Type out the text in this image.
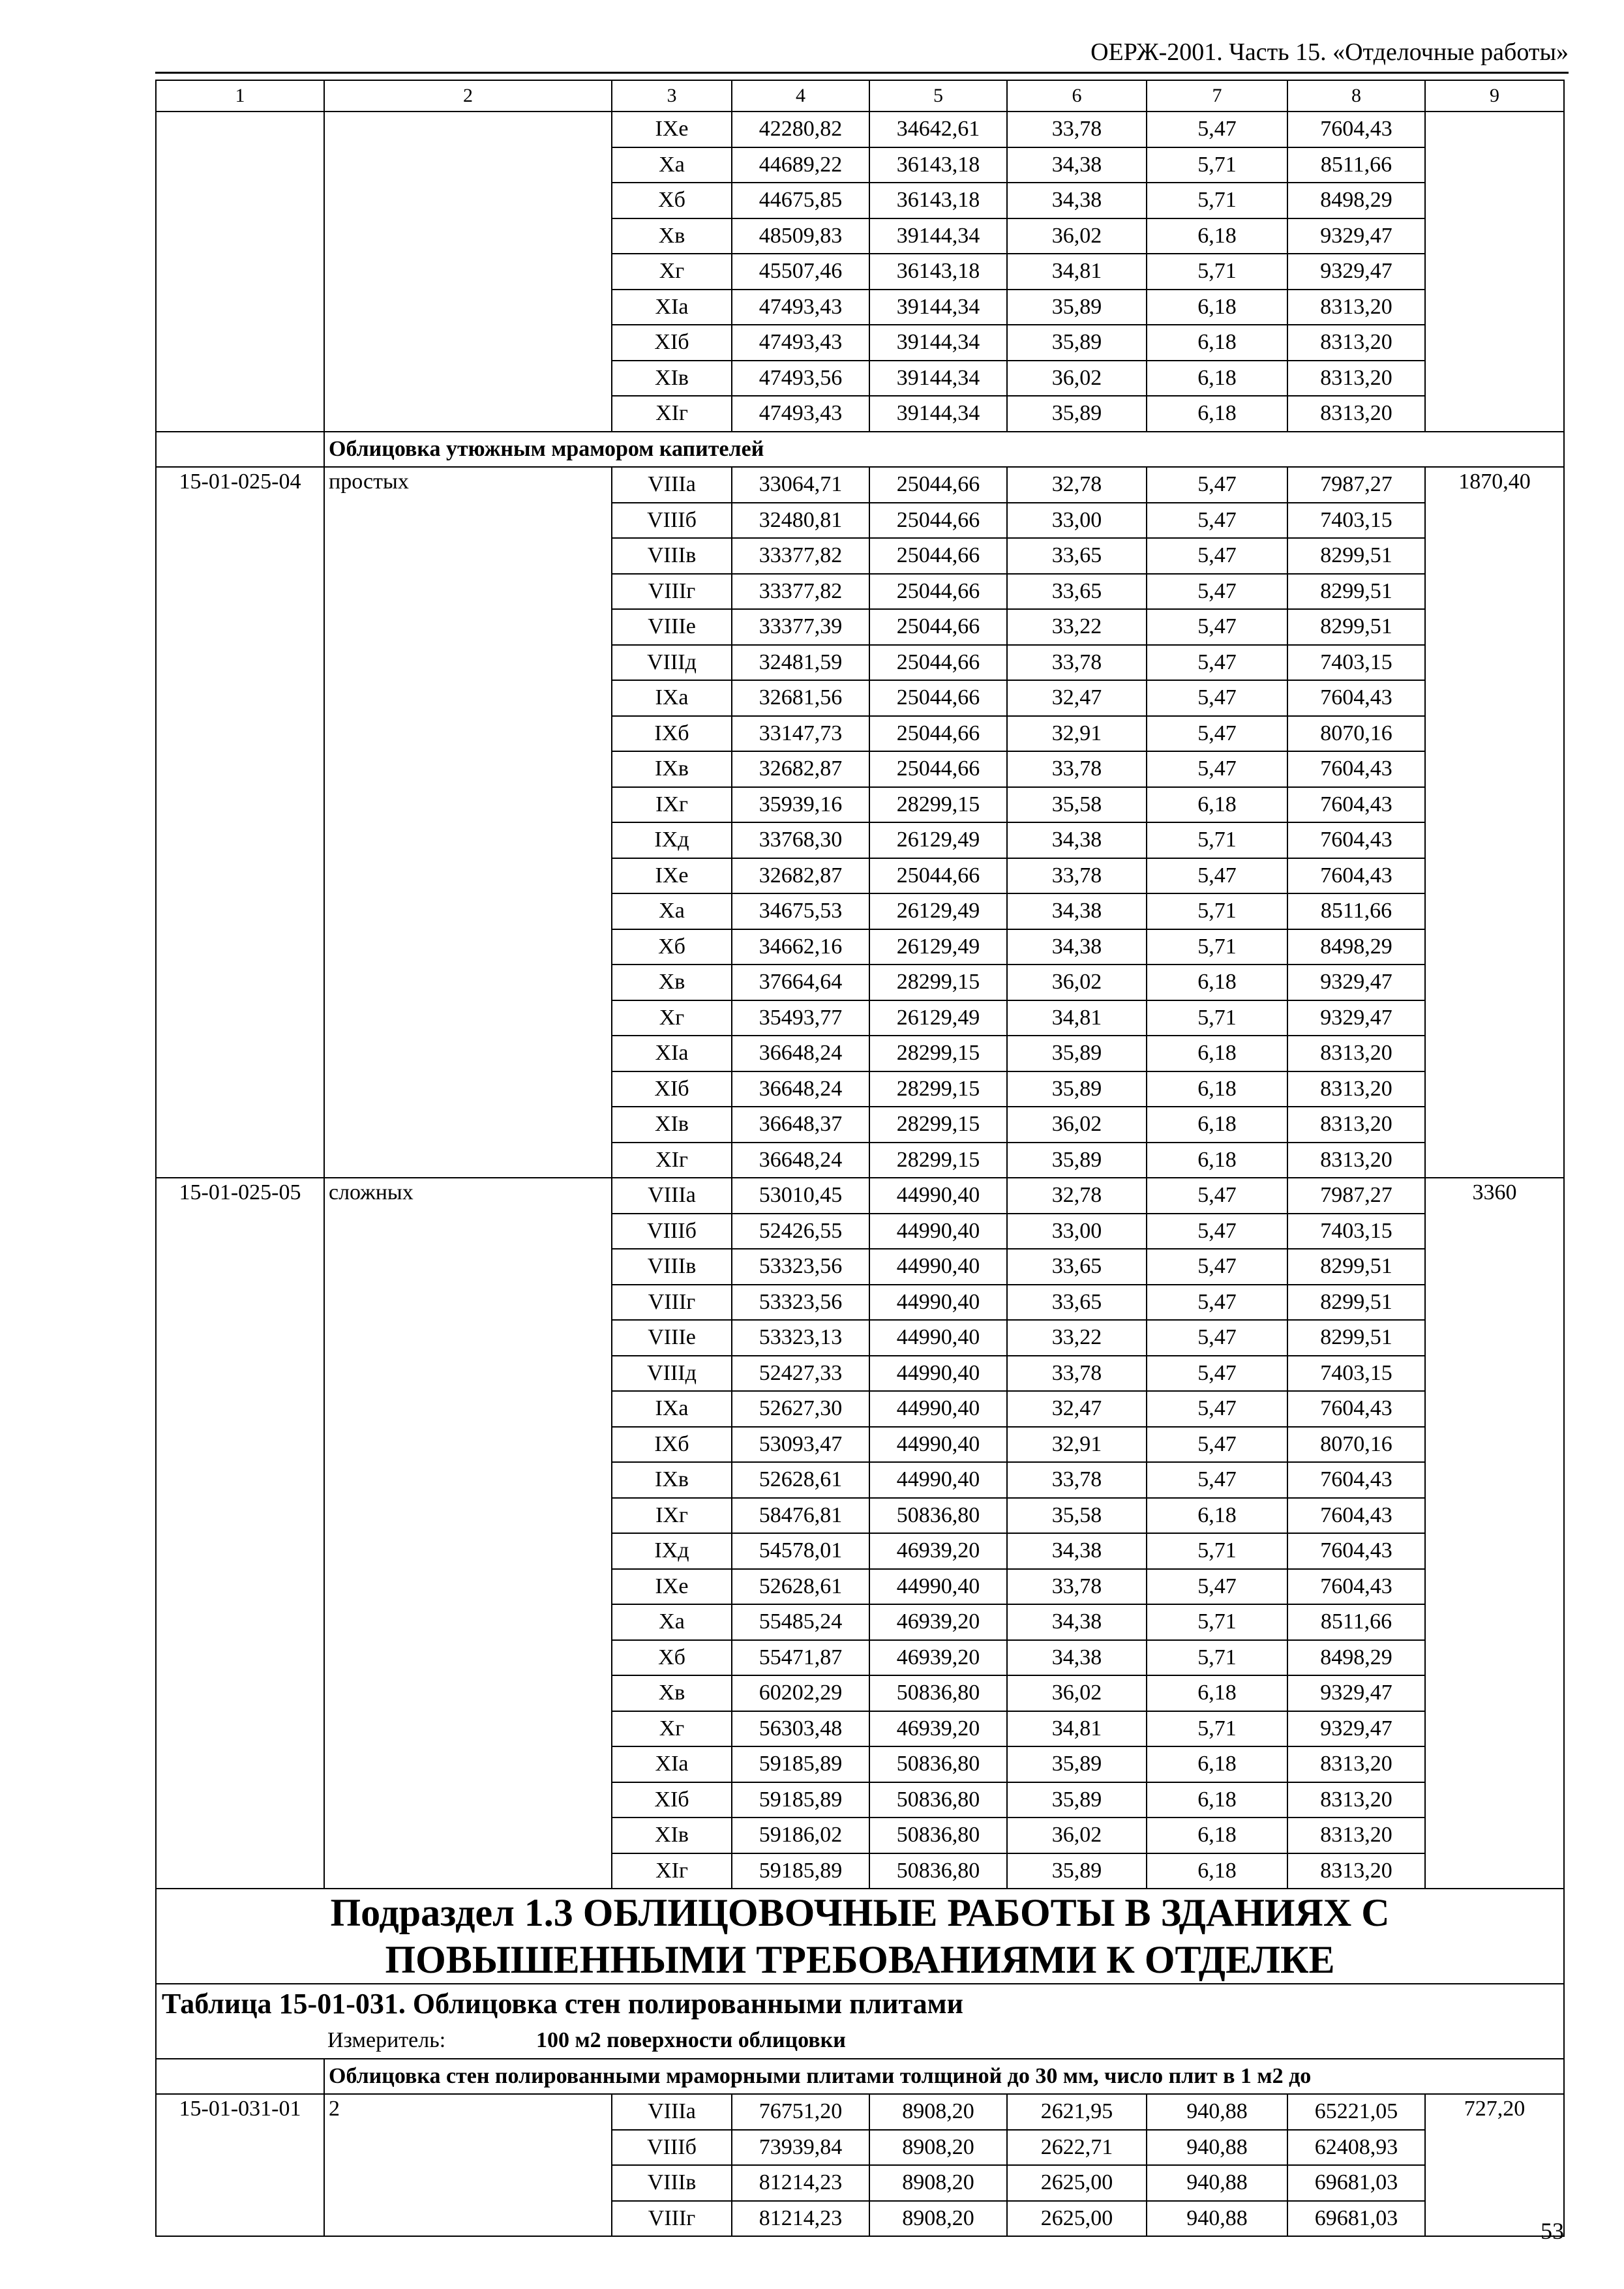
ОЕРЖ-2001. Часть 15. «Отделочные работы»
1	2	3	4	5	6	7	8	9
		IXe	42280,82	34642,61	33,78	5,47	7604,43	
		Xa	44689,22	36143,18	34,38	5,71	8511,66	
		Xб	44675,85	36143,18	34,38	5,71	8498,29	
		Xв	48509,83	39144,34	36,02	6,18	9329,47	
		Xг	45507,46	36143,18	34,81	5,71	9329,47	
		XIa	47493,43	39144,34	35,89	6,18	8313,20	
		XIб	47493,43	39144,34	35,89	6,18	8313,20	
		XIв	47493,56	39144,34	36,02	6,18	8313,20	
		XIг	47493,43	39144,34	35,89	6,18	8313,20	
	Облицовка утюжным мрамором капителей							
15-01-025-04	простых	VIIIa	33064,71	25044,66	32,78	5,47	7987,27	1870,40
		VIIIб	32480,81	25044,66	33,00	5,47	7403,15	
		VIIIв	33377,82	25044,66	33,65	5,47	8299,51	
		VIIIг	33377,82	25044,66	33,65	5,47	8299,51	
		VIIIe	33377,39	25044,66	33,22	5,47	8299,51	
		VIIIд	32481,59	25044,66	33,78	5,47	7403,15	
		IXa	32681,56	25044,66	32,47	5,47	7604,43	
		IXб	33147,73	25044,66	32,91	5,47	8070,16	
		IXв	32682,87	25044,66	33,78	5,47	7604,43	
		IXг	35939,16	28299,15	35,58	6,18	7604,43	
		IXд	33768,30	26129,49	34,38	5,71	7604,43	
		IXe	32682,87	25044,66	33,78	5,47	7604,43	
		Xa	34675,53	26129,49	34,38	5,71	8511,66	
		Xб	34662,16	26129,49	34,38	5,71	8498,29	
		Xв	37664,64	28299,15	36,02	6,18	9329,47	
		Xг	35493,77	26129,49	34,81	5,71	9329,47	
		XIa	36648,24	28299,15	35,89	6,18	8313,20	
		XIб	36648,24	28299,15	35,89	6,18	8313,20	
		XIв	36648,37	28299,15	36,02	6,18	8313,20	
		XIг	36648,24	28299,15	35,89	6,18	8313,20	
15-01-025-05	сложных	VIIIa	53010,45	44990,40	32,78	5,47	7987,27	3360
		VIIIб	52426,55	44990,40	33,00	5,47	7403,15	
		VIIIв	53323,56	44990,40	33,65	5,47	8299,51	
		VIIIг	53323,56	44990,40	33,65	5,47	8299,51	
		VIIIe	53323,13	44990,40	33,22	5,47	8299,51	
		VIIIд	52427,33	44990,40	33,78	5,47	7403,15	
		IXa	52627,30	44990,40	32,47	5,47	7604,43	
		IXб	53093,47	44990,40	32,91	5,47	8070,16	
		IXв	52628,61	44990,40	33,78	5,47	7604,43	
		IXг	58476,81	50836,80	35,58	6,18	7604,43	
		IXд	54578,01	46939,20	34,38	5,71	7604,43	
		IXe	52628,61	44990,40	33,78	5,47	7604,43	
		Xa	55485,24	46939,20	34,38	5,71	8511,66	
		Xб	55471,87	46939,20	34,38	5,71	8498,29	
		Xв	60202,29	50836,80	36,02	6,18	9329,47	
		Xг	56303,48	46939,20	34,81	5,71	9329,47	
		XIa	59185,89	50836,80	35,89	6,18	8313,20	
		XIб	59185,89	50836,80	35,89	6,18	8313,20	
		XIв	59186,02	50836,80	36,02	6,18	8313,20	
		XIг	59185,89	50836,80	35,89	6,18	8313,20	
Подраздел 1.3 ОБЛИЦОВОЧНЫЕ РАБОТЫ В ЗДАНИЯХ С ПОВЫШЕННЫМИ ТРЕБОВАНИЯМИ К ОТДЕЛКЕ								
Таблица 15-01-031. Облицовка стен полированными плитами								
Измеритель: 100 м2 поверхности облицовки								
	Облицовка стен полированными мраморными плитами толщиной до 30 мм, число плит в 1 м2 до							
15-01-031-01	2	VIIIa	76751,20	8908,20	2621,95	940,88	65221,05	727,20
		VIIIб	73939,84	8908,20	2622,71	940,88	62408,93	
		VIIIв	81214,23	8908,20	2625,00	940,88	69681,03	
		VIIIг	81214,23	8908,20	2625,00	940,88	69681,03		53
